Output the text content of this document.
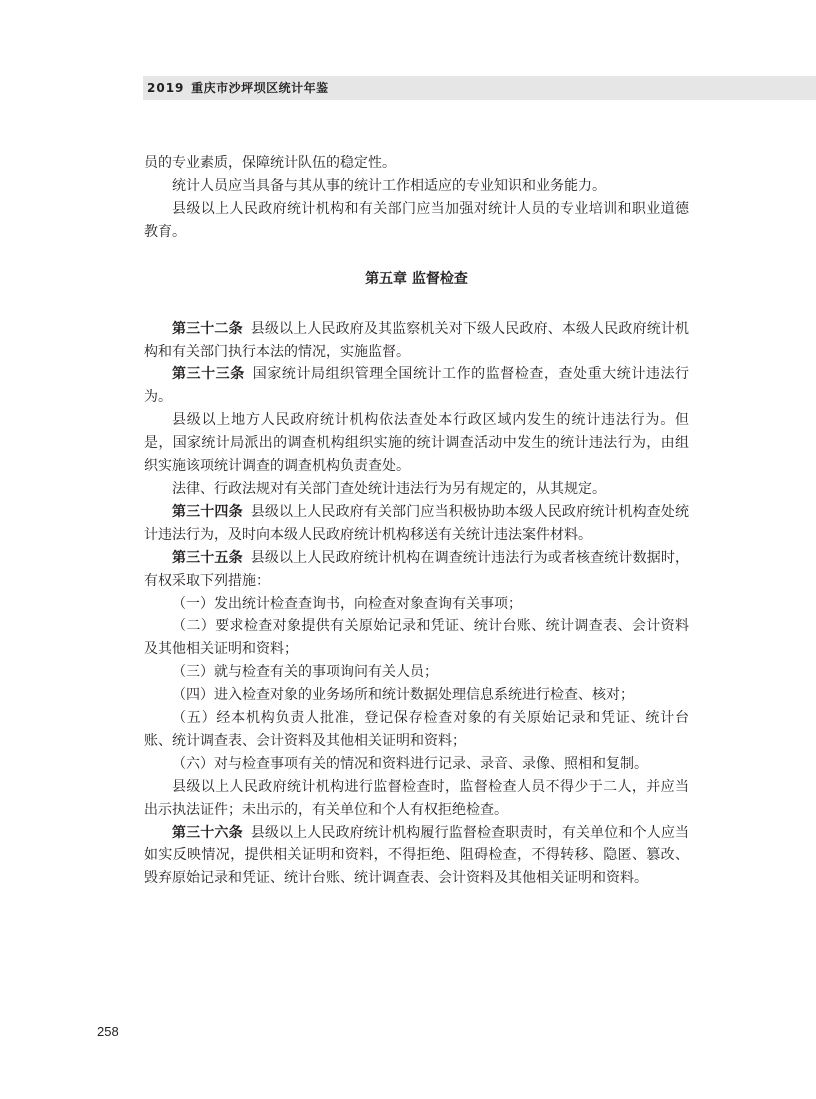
2019 重庆市沙坪坝区统计年鉴

员的专业素质，保障统计队伍的稳定性。

统计人员应当具备与其从事的统计工作相适应的专业知识和业务能力。

县级以上人民政府统计机构和有关部门应当加强对统计人员的专业培训和职业道德教育。

第五章 监督检查

第三十二条 县级以上人民政府及其监察机关对下级人民政府、本级人民政府统计机构和有关部门执行本法的情况，实施监督。

第三十三条 国家统计局组织管理全国统计工作的监督检查，查处重大统计违法行为。

县级以上地方人民政府统计机构依法查处本行政区域内发生的统计违法行为。但是，国家统计局派出的调查机构组织实施的统计调查活动中发生的统计违法行为，由组织实施该项统计调查的调查机构负责查处。

法律、行政法规对有关部门查处统计违法行为另有规定的，从其规定。

第三十四条 县级以上人民政府有关部门应当积极协助本级人民政府统计机构查处统计违法行为，及时向本级人民政府统计机构移送有关统计违法案件材料。

第三十五条 县级以上人民政府统计机构在调查统计违法行为或者核查统计数据时，有权采取下列措施：

（一）发出统计检查查询书，向检查对象查询有关事项；

（二）要求检查对象提供有关原始记录和凭证、统计台账、统计调查表、会计资料及其他相关证明和资料；

（三）就与检查有关的事项询问有关人员；

（四）进入检查对象的业务场所和统计数据处理信息系统进行检查、核对；

（五）经本机构负责人批准，登记保存检查对象的有关原始记录和凭证、统计台账、统计调查表、会计资料及其他相关证明和资料；

（六）对与检查事项有关的情况和资料进行记录、录音、录像、照相和复制。

县级以上人民政府统计机构进行监督检查时，监督检查人员不得少于二人，并应当出示执法证件；未出示的，有关单位和个人有权拒绝检查。

第三十六条 县级以上人民政府统计机构履行监督检查职责时，有关单位和个人应当如实反映情况，提供相关证明和资料，不得拒绝、阻碍检查，不得转移、隐匿、篡改、毁弃原始记录和凭证、统计台账、统计调查表、会计资料及其他相关证明和资料。

258
